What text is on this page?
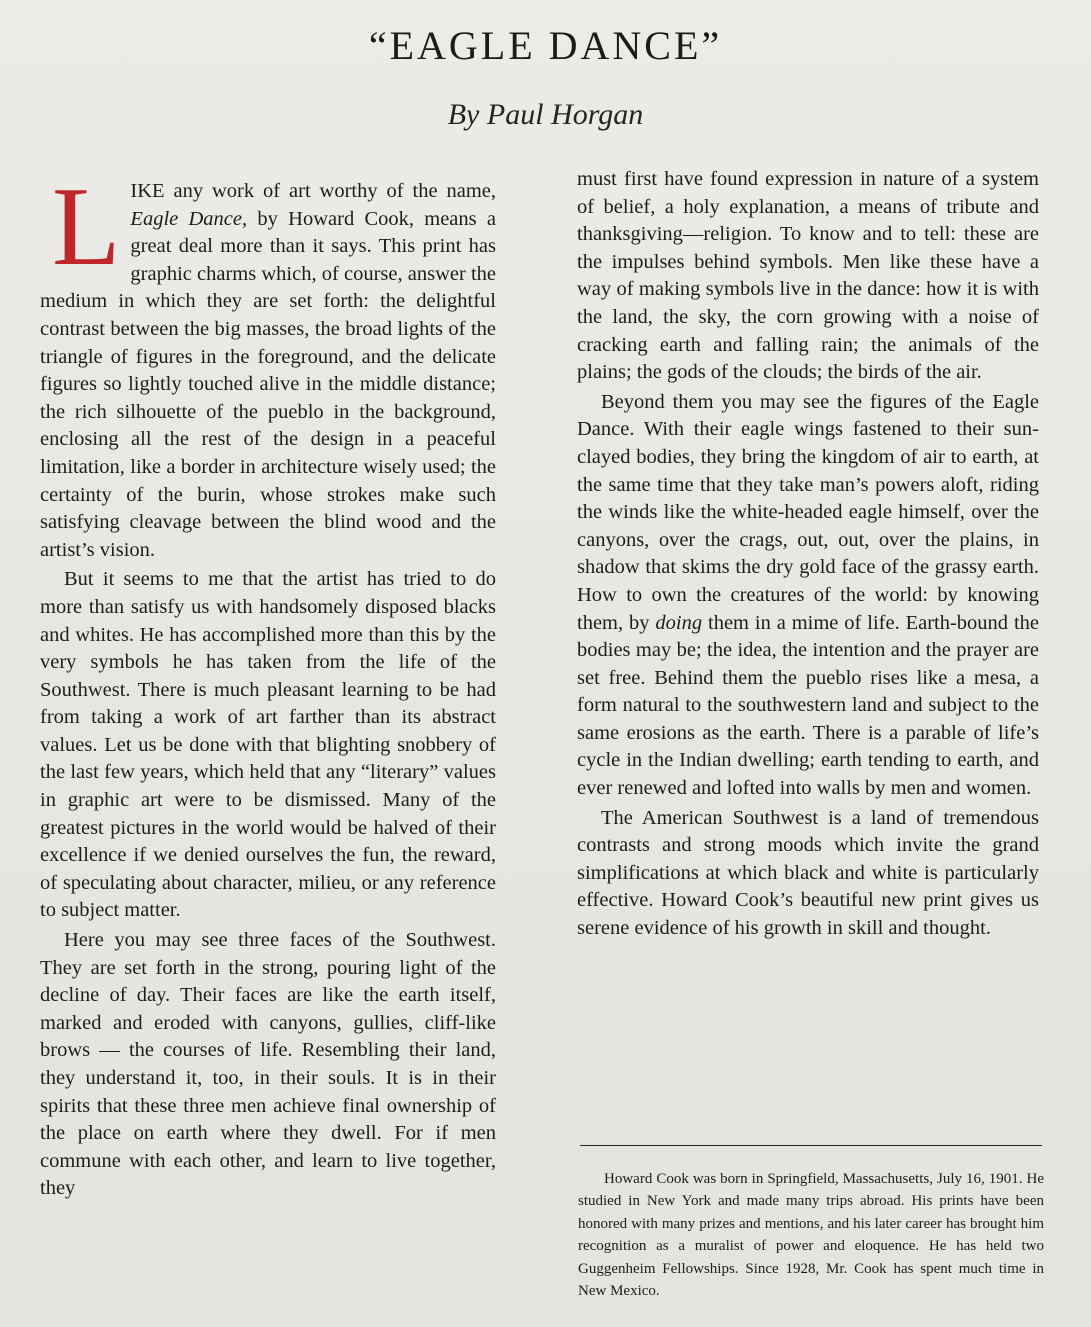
“EAGLE DANCE”
By Paul Horgan

LIKE any work of art worthy of the name, Eagle Dance, by Howard Cook, means a great deal more than it says. This print has graphic charms which, of course, answer the medium in which they are set forth: the delightful contrast between the big masses, the broad lights of the triangle of figures in the foreground, and the delicate figures so lightly touched alive in the middle distance; the rich silhouette of the pueblo in the background, enclosing all the rest of the design in a peaceful limitation, like a border in architecture wisely used; the certainty of the burin, whose strokes make such satisfying cleavage between the blind wood and the artist’s vision.

But it seems to me that the artist has tried to do more than satisfy us with handsomely disposed blacks and whites. He has accomplished more than this by the very symbols he has taken from the life of the Southwest. There is much pleasant learning to be had from taking a work of art farther than its abstract values. Let us be done with that blighting snobbery of the last few years, which held that any “literary” values in graphic art were to be dismissed. Many of the greatest pictures in the world would be halved of their excellence if we denied ourselves the fun, the reward, of speculating about character, milieu, or any reference to subject matter.

Here you may see three faces of the Southwest. They are set forth in the strong, pouring light of the decline of day. Their faces are like the earth itself, marked and eroded with canyons, gullies, cliff-like brows — the courses of life. Resembling their land, they understand it, too, in their souls. It is in their spirits that these three men achieve final ownership of the place on earth where they dwell. For if men commune with each other, and learn to live together, they

must first have found expression in nature of a system of belief, a holy explanation, a means of tribute and thanksgiving—religion. To know and to tell: these are the impulses behind symbols. Men like these have a way of making symbols live in the dance: how it is with the land, the sky, the corn growing with a noise of cracking earth and falling rain; the animals of the plains; the gods of the clouds; the birds of the air.

Beyond them you may see the figures of the Eagle Dance. With their eagle wings fastened to their sun-clayed bodies, they bring the kingdom of air to earth, at the same time that they take man’s powers aloft, riding the winds like the white-headed eagle himself, over the canyons, over the crags, out, out, over the plains, in shadow that skims the dry gold face of the grassy earth. How to own the creatures of the world: by knowing them, by doing them in a mime of life. Earth-bound the bodies may be; the idea, the intention and the prayer are set free. Behind them the pueblo rises like a mesa, a form natural to the southwestern land and subject to the same erosions as the earth. There is a parable of life’s cycle in the Indian dwelling; earth tending to earth, and ever renewed and lofted into walls by men and women.

The American Southwest is a land of tremendous contrasts and strong moods which invite the grand simplifications at which black and white is particularly effective. Howard Cook’s beautiful new print gives us serene evidence of his growth in skill and thought.

Howard Cook was born in Springfield, Massachusetts, July 16, 1901. He studied in New York and made many trips abroad. His prints have been honored with many prizes and mentions, and his later career has brought him recognition as a muralist of power and eloquence. He has held two Guggenheim Fellowships. Since 1928, Mr. Cook has spent much time in New Mexico.
